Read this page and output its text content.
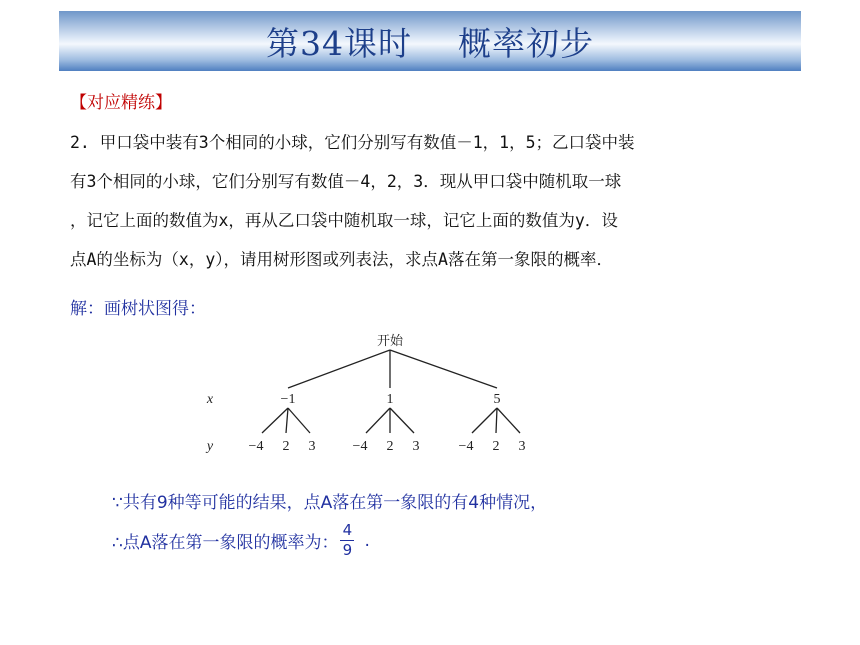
第34课时    概率初步
【对应精练】
2. 甲口袋中装有3个相同的小球，它们分别写有数值－1，1，5；乙口袋中装
有3个相同的小球，它们分别写有数值－4，2，3．现从甲口袋中随机取一球
，记它上面的数值为x，再从乙口袋中随机取一球，记它上面的数值为y．设
点A的坐标为（x，y），请用树形图或列表法，求点A落在第一象限的概率．
解：画树状图得：
开始
x
y
−1	1	5
−4 2 3	−4 2 3	−4 2 3
∵共有9种等可能的结果，点A落在第一象限的有4种情况，
∴点A落在第一象限的概率为： $\frac{4}{9}$ .
